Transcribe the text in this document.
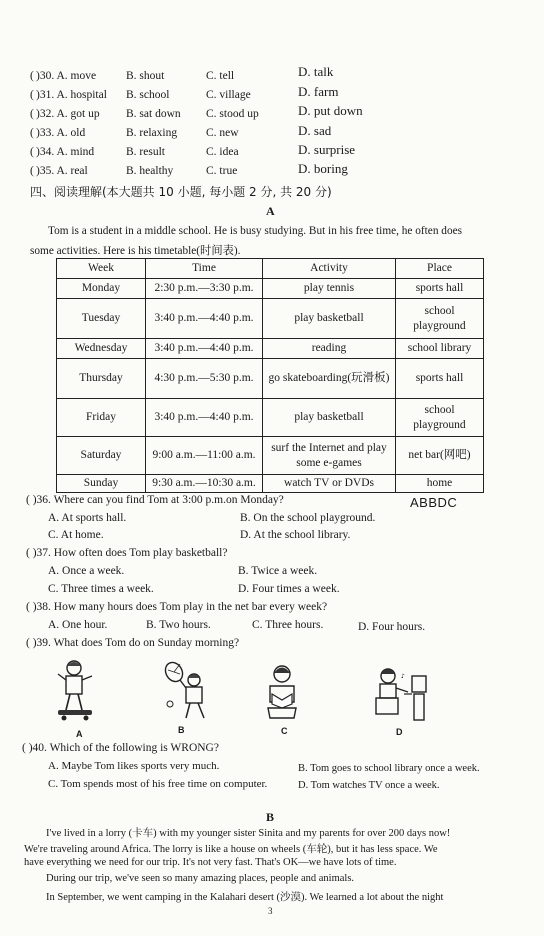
( )30. A. move	B. shout	C. tell	D. talk
( )31. A. hospital B. school	C. village	D. farm
( )32. A. got up B. sat down C. stood up	D. put down
( )33. A. old	B. relaxing	C. new	D. sad
( )34. A. mind	B. result	C. idea	D. surprise
( )35. A. real	B. healthy	C. true	D. boring
四、阅读理解(本大题共 10 小题, 每小题 2 分, 共 20 分)
A
Tom is a student in a middle school. He is busy studying. But in his free time, he often does
some activities. Here is his timetable(时间表).
Week	Time	Activity	Place
Monday	2:30 p.m.—3:30 p.m.	play tennis	sports hall
Tuesday	3:40 p.m.—4:40 p.m.	play basketball	school playground
Wednesday	3:40 p.m.—4:40 p.m.	reading	school library
Thursday	4:30 p.m.—5:30 p.m.	go skateboarding(玩滑板)	sports hall
Friday	3:40 p.m.—4:40 p.m.	play basketball	school playground
Saturday	9:00 a.m.—11:00 a.m.	surf the Internet and play some e-games	net bar(网吧)
Sunday	9:30 a.m.—10:30 a.m.	watch TV or DVDs	home
( )36. Where can you find Tom at 3:00 p.m.on Monday?	ABBDC
A. At sports hall.	B. On the school playground.
C. At home.	D. At the school library.
( )37. How often does Tom play basketball?
A. Once a week.	B. Twice a week.
C. Three times a week.	D. Four times a week.
( )38. How many hours does Tom play in the net bar every week?
A. One hour.	B. Two hours.	C. Three hours.	D. Four hours.
( )39. What does Tom do on Sunday morning?
♪
A	B	C	D
( )40. Which of the following is WRONG?
A. Maybe Tom likes sports very much.	B. Tom goes to school library once a week.
C. Tom spends most of his free time on computer.	D. Tom watches TV once a week.
B
I've lived in a lorry (卡车) with my younger sister Sinita and my parents for over 200 days now!
We're traveling around Africa. The lorry is like a house on wheels (车轮), but it has less space. We
have everything we need for our trip. It's not very fast. That's OK—we have lots of time.
During our trip, we've seen so many amazing places, people and animals.
In September, we went camping in the Kalahari desert (沙漠). We learned a lot about the night
3
